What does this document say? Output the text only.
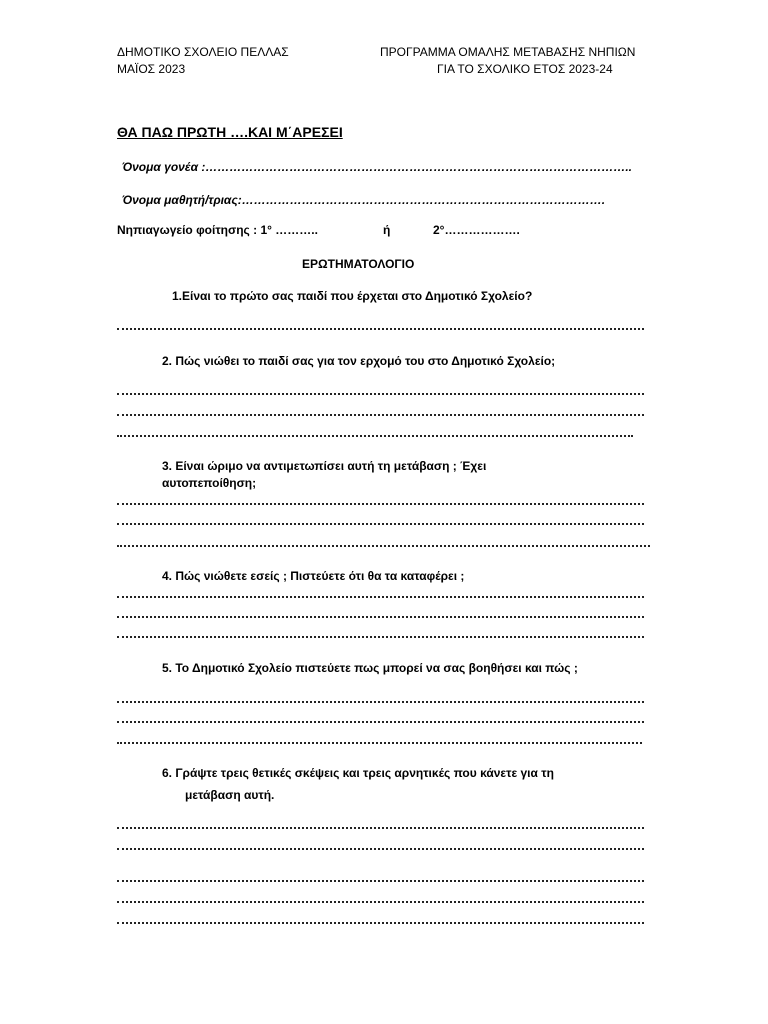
ΔΗΜΟΤΙΚΟ ΣΧΟΛΕΙΟ ΠΕΛΛΑΣ
ΜΑΪΟΣ 2023
ΠΡΟΓΡΑΜΜΑ ΟΜΑΛΗΣ ΜΕΤΑΒΑΣΗΣ ΝΗΠΙΩΝ
ΓΙΑ ΤΟ ΣΧΟΛΙΚΟ ΕΤΟΣ 2023-24
ΘΑ ΠΑΩ ΠΡΩΤΗ ….ΚΑΙ Μ΄ΑΡΕΣΕΙ
Όνομα γονέα :……………………………………………………………………………………………..
Όνομα μαθητή/τριας:……………………………………………………………………………….
Νηπιαγωγείο φοίτησης : 1° ………..	ή	2°……………….
ΕΡΩΤΗΜΑΤΟΛΟΓΙΟ
1.Είναι το πρώτο σας παιδί που έρχεται στο Δημοτικό Σχολείο?
2. Πώς νιώθει το παιδί σας για τον ερχομό του στο Δημοτικό Σχολείο;
3. Είναι ώριμο να αντιμετωπίσει αυτή τη μετάβαση ; Έχει
αυτοπεποίθηση;
4. Πώς νιώθετε εσείς ; Πιστεύετε ότι θα τα καταφέρει ;
5. Το Δημοτικό Σχολείο πιστεύετε πως μπορεί να σας βοηθήσει και πώς ;
6. Γράψτε τρεις θετικές σκέψεις και τρεις αρνητικές που κάνετε για τη
μετάβαση αυτή.
